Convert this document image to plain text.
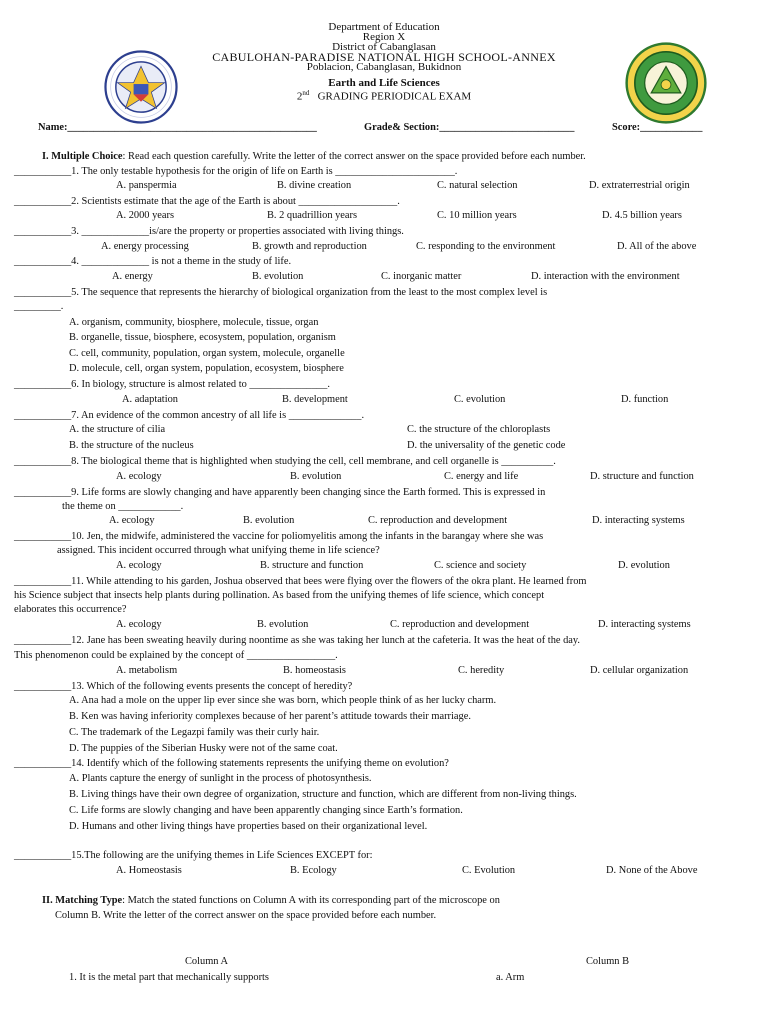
Department of Education
Region X
District of Cabanglasan
CABULOHAN-PARADISE NATIONAL HIGH SCHOOL-ANNEX
Poblacion, Cabanglasan, Bukidnon
Earth and Life Sciences
2nd GRADING PERIODICAL EXAM
Name:________________________________________________	Grade& Section:__________________________	Score:____________
I. Multiple Choice: Read each question carefully. Write the letter of the correct answer on the space provided before each number.
___________1. The only testable hypothesis for the origin of life on Earth is _______________________.
A. panspermia	B. divine creation	C. natural selection	D. extraterrestrial origin
___________2. Scientists estimate that the age of the Earth is about ___________________.
A. 2000 years	B. 2 quadrillion years	C. 10 million years	D. 4.5 billion years
___________3. _____________is/are the property or properties associated with living things.
A. energy processing	B. growth and reproduction	C. responding to the environment	D. All of the above
___________4. _____________ is not a theme in the study of life.
A. energy	B. evolution	C. inorganic matter	D. interaction with the environment
___________5. The sequence that represents the hierarchy of biological organization from the least to the most complex level is
_________.
A. organism, community, biosphere, molecule, tissue, organ
B. organelle, tissue, biosphere, ecosystem, population, organism
C. cell, community, population, organ system, molecule, organelle
D. molecule, cell, organ system, population, ecosystem, biosphere
___________6. In biology, structure is almost related to _______________.
A. adaptation	B. development	C. evolution	D. function
___________7. An evidence of the common ancestry of all life is ______________.
A. the structure of cilia	C. the structure of the chloroplasts
B. the structure of the nucleus	D. the universality of the genetic code
___________8. The biological theme that is highlighted when studying the cell, cell membrane, and cell organelle is __________.
A. ecology	B. evolution	C. energy and life	D. structure and function
___________9. Life forms are slowly changing and have apparently been changing since the Earth formed. This is expressed in
the theme on ____________.
A. ecology	B. evolution	C. reproduction and development	D. interacting systems
___________10. Jen, the midwife, administered the vaccine for poliomyelitis among the infants in the barangay where she was
assigned. This incident occurred through what unifying theme in life science?
A. ecology	B. structure and function	C. science and society	D. evolution
___________11. While attending to his garden, Joshua observed that bees were flying over the flowers of the okra plant. He learned from
his Science subject that insects help plants during pollination. As based from the unifying themes of life science, which concept
elaborates this occurrence?
A. ecology	B. evolution	C. reproduction and development	D. interacting systems
___________12. Jane has been sweating heavily during noontime as she was taking her lunch at the cafeteria. It was the heat of the day.
This phenomenon could be explained by the concept of _________________.
A. metabolism	B. homeostasis	C. heredity	D. cellular organization
___________13. Which of the following events presents the concept of heredity?
A. Ana had a mole on the upper lip ever since she was born, which people think of as her lucky charm.
B. Ken was having inferiority complexes because of her parent’s attitude towards their marriage.
C. The trademark of the Legazpi family was their curly hair.
D. The puppies of the Siberian Husky were not of the same coat.
___________14. Identify which of the following statements represents the unifying theme on evolution?
A. Plants capture the energy of sunlight in the process of photosynthesis.
B. Living things have their own degree of organization, structure and function, which are different from non-living things.
C. Life forms are slowly changing and have been apparently changing since Earth’s formation.
D. Humans and other living things have properties based on their organizational level.
___________15.The following are the unifying themes in Life Sciences EXCEPT for:
A. Homeostasis	B. Ecology	C. Evolution	D. None of the Above
II. Matching Type: Match the stated functions on Column A with its corresponding part of the microscope on
Column B. Write the letter of the correct answer on the space provided before each number.
Column A	Column B
1. It is the metal part that mechanically supports	a. Arm
